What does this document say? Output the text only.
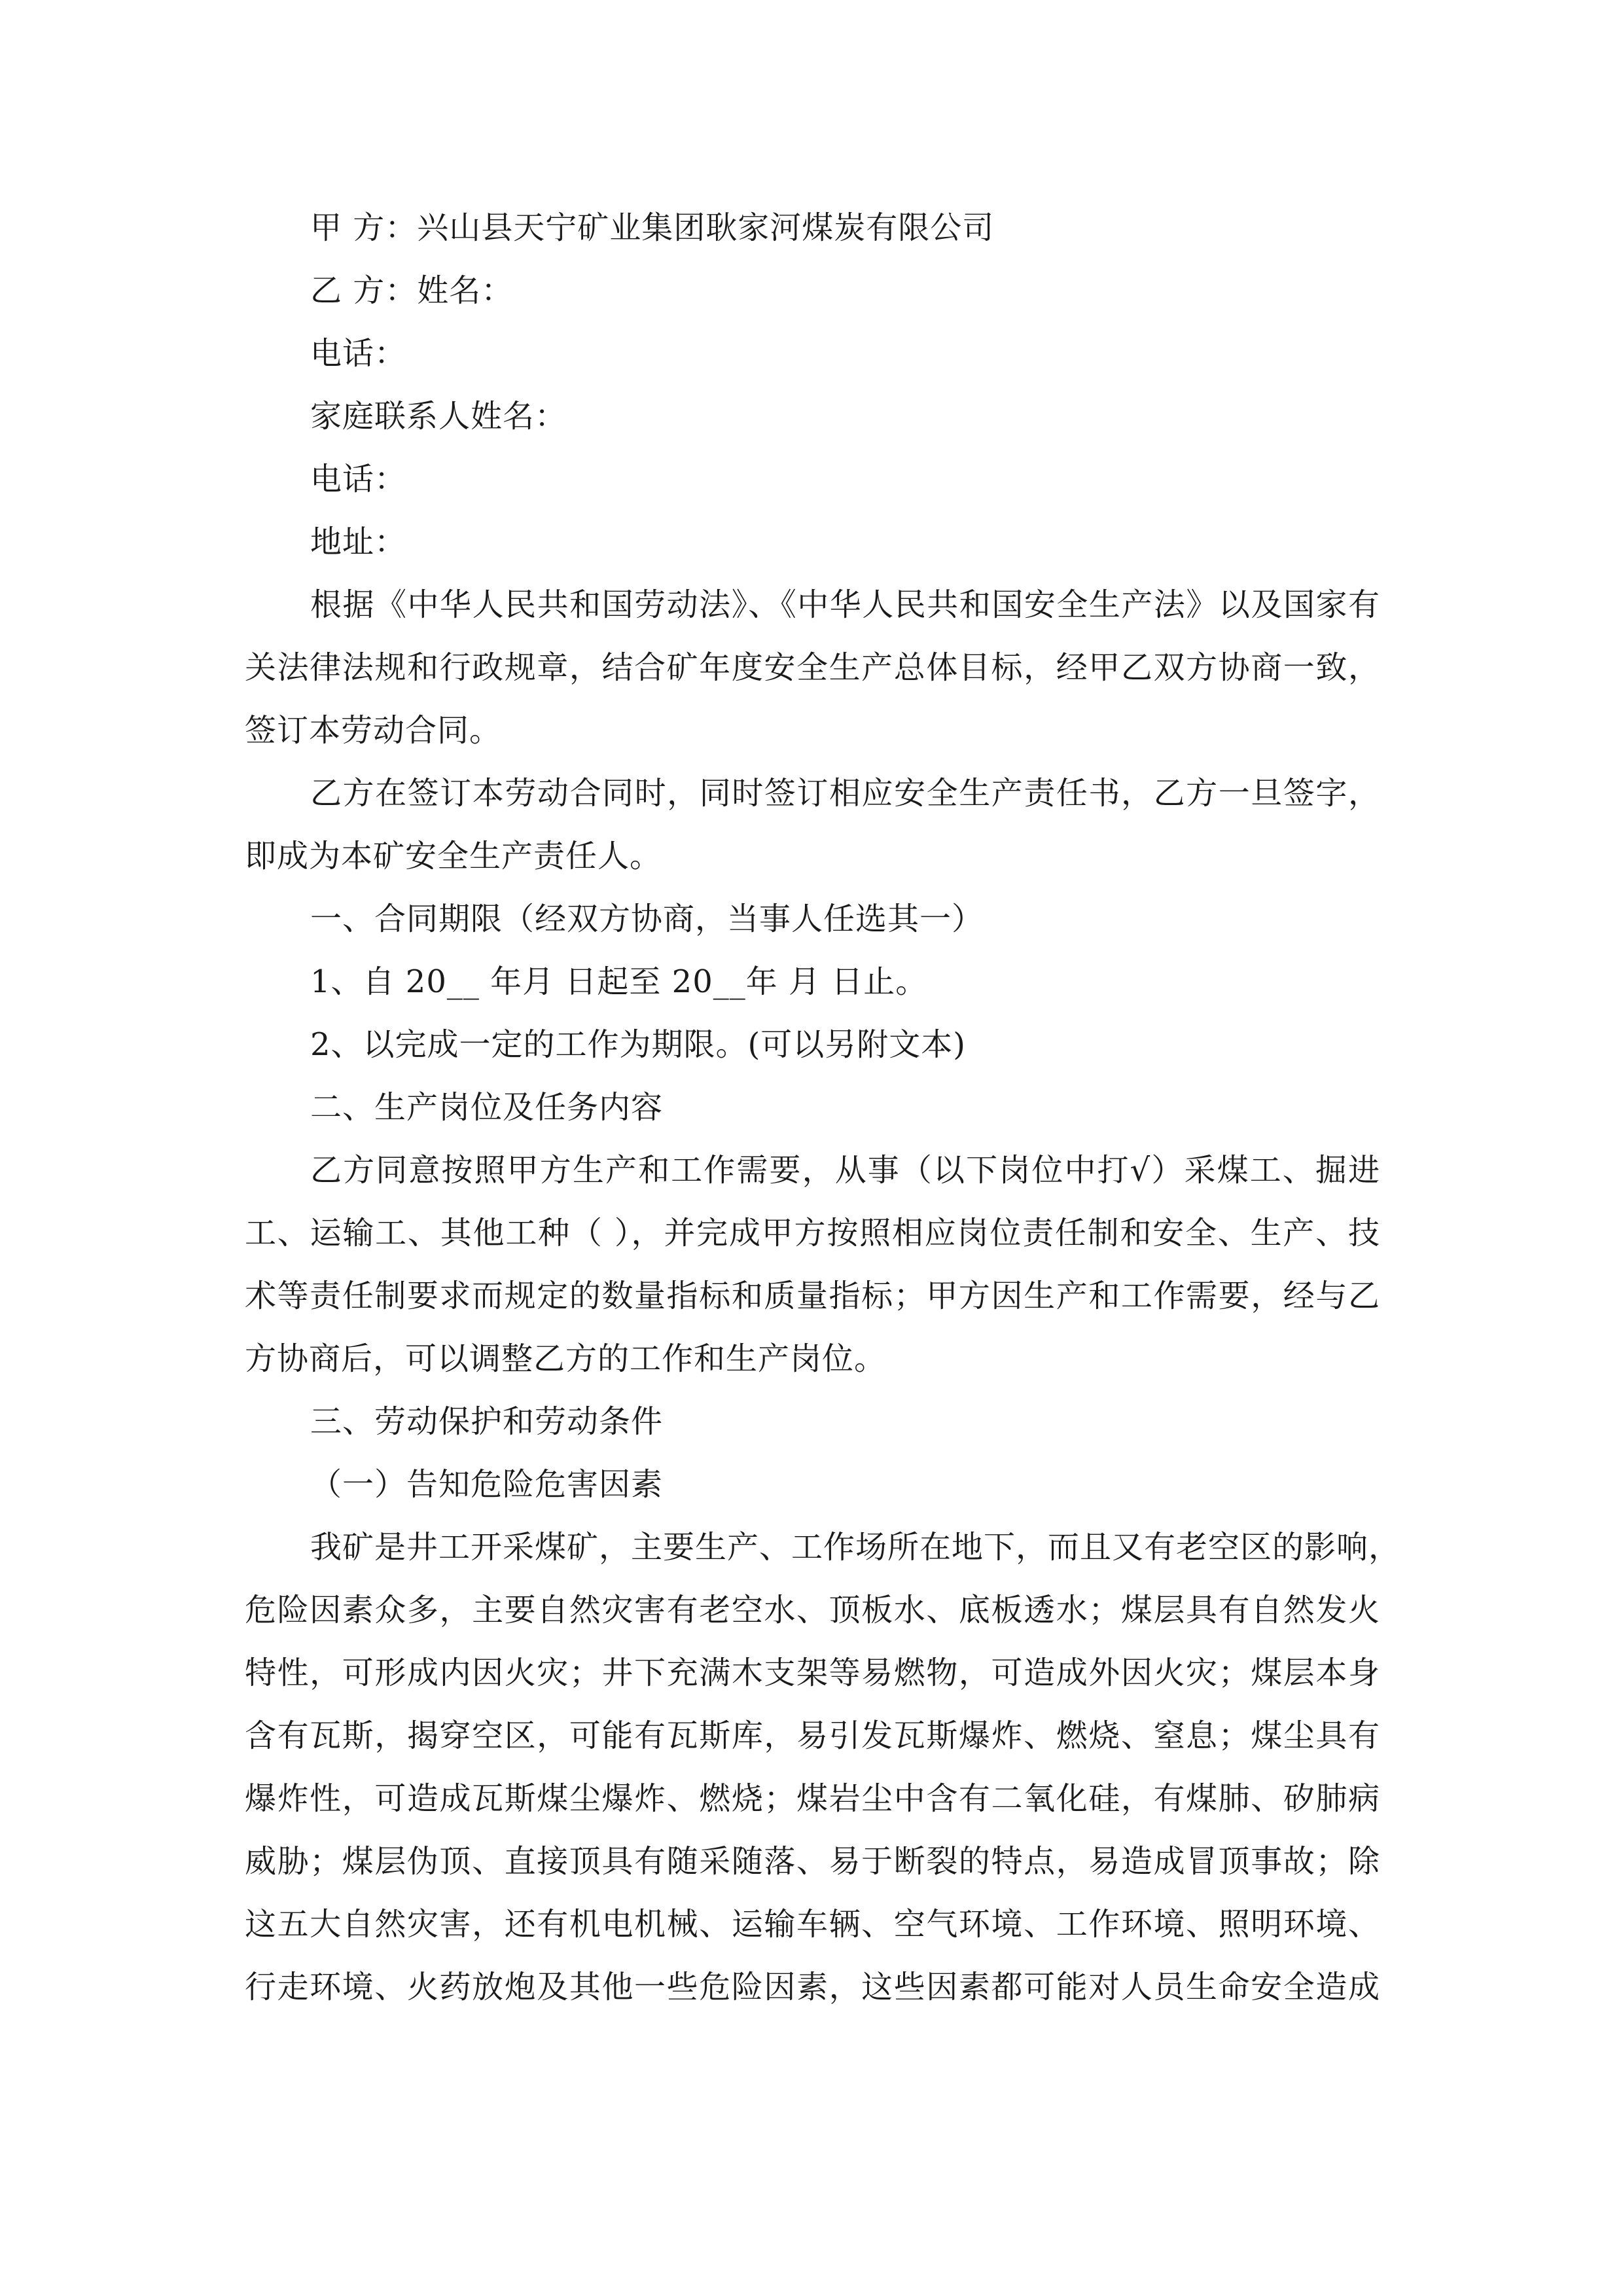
甲 方：兴山县天宁矿业集团耿家河煤炭有限公司
乙 方：姓名：
电话：
家庭联系人姓名：
电话：
地址：
根据《中华人民共和国劳动法》、《中华人民共和国安全生产法》以及国家有
关法律法规和行政规章，结合矿年度安全生产总体目标，经甲乙双方协商一致，
签订本劳动合同。
乙方在签订本劳动合同时，同时签订相应安全生产责任书，乙方一旦签字，
即成为本矿安全生产责任人。
一、合同期限（经双方协商，当事人任选其一）
1、自 20__ 年月 日起至 20__年 月 日止。
2、以完成一定的工作为期限。(可以另附文本)
二、生产岗位及任务内容
乙方同意按照甲方生产和工作需要，从事（以下岗位中打√）采煤工、掘进
工、运输工、其他工种（ ），并完成甲方按照相应岗位责任制和安全、生产、技
术等责任制要求而规定的数量指标和质量指标；甲方因生产和工作需要，经与乙
方协商后，可以调整乙方的工作和生产岗位。
三、劳动保护和劳动条件
（一）告知危险危害因素
我矿是井工开采煤矿，主要生产、工作场所在地下，而且又有老空区的影响，
危险因素众多，主要自然灾害有老空水、顶板水、底板透水；煤层具有自然发火
特性，可形成内因火灾；井下充满木支架等易燃物，可造成外因火灾；煤层本身
含有瓦斯，揭穿空区，可能有瓦斯库，易引发瓦斯爆炸、燃烧、窒息；煤尘具有
爆炸性，可造成瓦斯煤尘爆炸、燃烧；煤岩尘中含有二氧化硅，有煤肺、矽肺病
威胁；煤层伪顶、直接顶具有随采随落、易于断裂的特点，易造成冒顶事故；除
这五大自然灾害，还有机电机械、运输车辆、空气环境、工作环境、照明环境、
行走环境、火药放炮及其他一些危险因素，这些因素都可能对人员生命安全造成
